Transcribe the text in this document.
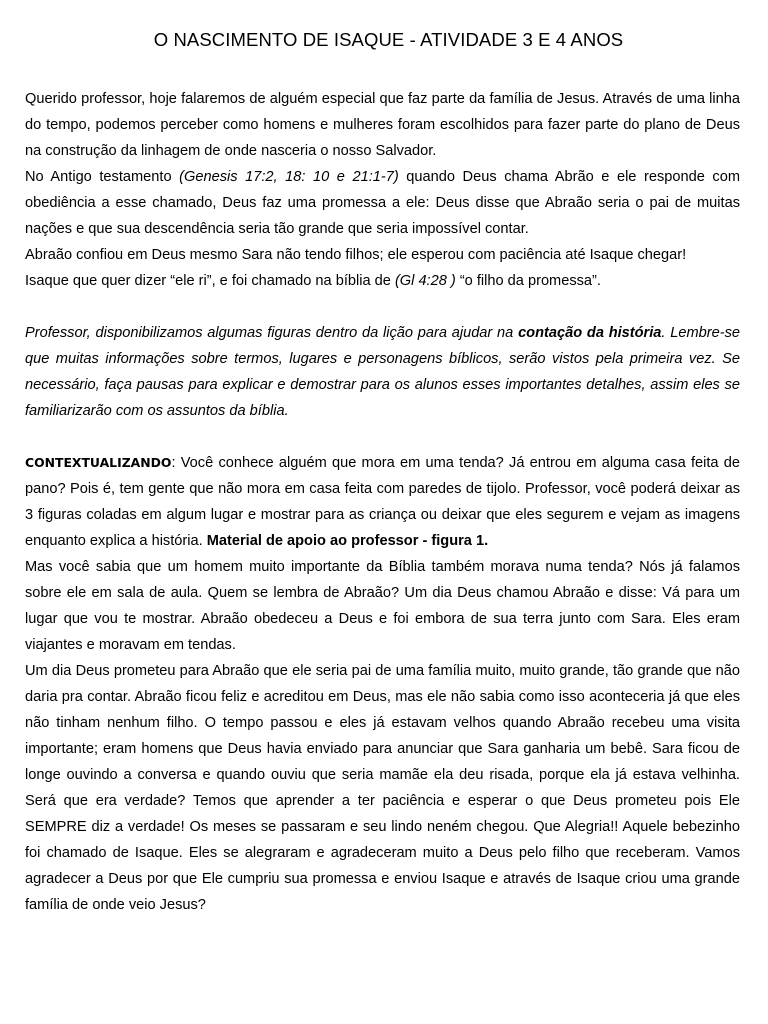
O NASCIMENTO DE ISAQUE - ATIVIDADE 3 E 4 ANOS

Querido professor, hoje falaremos de alguém especial que faz parte da família de Jesus. Através de uma linha do tempo, podemos perceber como homens e mulheres foram escolhidos para fazer parte do plano de Deus na construção da linhagem de onde nasceria o nosso Salvador.

No Antigo testamento (Genesis 17:2, 18: 10 e 21:1-7) quando Deus chama Abrão e ele responde com obediência a esse chamado, Deus faz uma promessa a ele: Deus disse que Abraão seria o pai de muitas nações e que sua descendência seria tão grande que seria impossível contar.

Abraão confiou em Deus mesmo Sara não tendo filhos; ele esperou com paciência até Isaque chegar!

Isaque que quer dizer “ele ri”, e foi chamado na bíblia de (Gl 4:28 ) “o filho da promessa”.

Professor, disponibilizamos algumas figuras dentro da lição para ajudar na contação da história. Lembre-se que muitas informações sobre termos, lugares e personagens bíblicos, serão vistos pela primeira vez. Se necessário, faça pausas para explicar e demostrar para os alunos esses importantes detalhes, assim eles se familiarizarão com os assuntos da bíblia.

CONTEXTUALIZANDO: Você conhece alguém que mora em uma tenda? Já entrou em alguma casa feita de pano? Pois é, tem gente que não mora em casa feita com paredes de tijolo. Professor, você poderá deixar as 3 figuras coladas em algum lugar e mostrar para as criança ou deixar que eles segurem e vejam as imagens enquanto explica a história. Material de apoio ao professor - figura 1.

Mas você sabia que um homem muito importante da Bíblia também morava numa tenda? Nós já falamos sobre ele em sala de aula. Quem se lembra de Abraão? Um dia Deus chamou Abraão e disse: Vá para um lugar que vou te mostrar. Abraão obedeceu a Deus e foi embora de sua terra junto com Sara. Eles eram viajantes e moravam em tendas.

Um dia Deus prometeu para Abraão que ele seria pai de uma família muito, muito grande, tão grande que não daria pra contar. Abraão ficou feliz e acreditou em Deus, mas ele não sabia como isso aconteceria já que eles não tinham nenhum filho. O tempo passou e eles já estavam velhos quando Abraão recebeu uma visita importante; eram homens que Deus havia enviado para anunciar que Sara ganharia um bebê. Sara ficou de longe ouvindo a conversa e quando ouviu que seria mamãe ela deu risada, porque ela já estava velhinha. Será que era verdade? Temos que aprender a ter paciência e esperar o que Deus prometeu pois Ele SEMPRE diz a verdade! Os meses se passaram e seu lindo neném chegou. Que Alegria!! Aquele bebezinho foi chamado de Isaque. Eles se alegraram e agradeceram muito a Deus pelo filho que receberam. Vamos agradecer a Deus por que Ele cumpriu sua promessa e enviou Isaque e através de Isaque criou uma grande família de onde veio Jesus?
